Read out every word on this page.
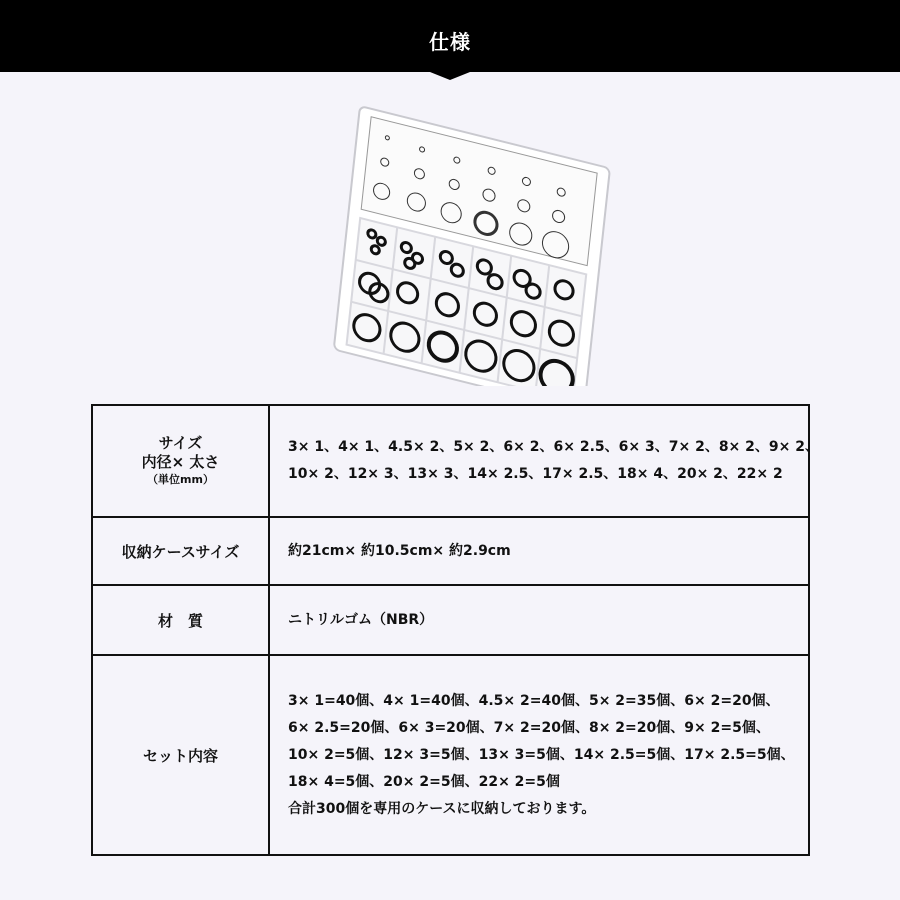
仕様
サイズ
内径× 太さ
（単位mm）	3× 1、4× 1、4.5× 2、5× 2、6× 2、6× 2.5、6× 3、7× 2、8× 2、9× 2、
10× 2、12× 3、13× 3、14× 2.5、17× 2.5、18× 4、20× 2、22× 2

収納ケースサイズ	約21cm× 約10.5cm× 約2.9cm
材　質	ニトリルゴム（NBR）
セット内容	3× 1=40個、4× 1=40個、4.5× 2=40個、5× 2=35個、6× 2=20個、
6× 2.5=20個、6× 3=20個、7× 2=20個、8× 2=20個、9× 2=5個、
10× 2=5個、12× 3=5個、13× 3=5個、14× 2.5=5個、17× 2.5=5個、
18× 4=5個、20× 2=5個、22× 2=5個
合計300個を専用のケースに収納しております。
